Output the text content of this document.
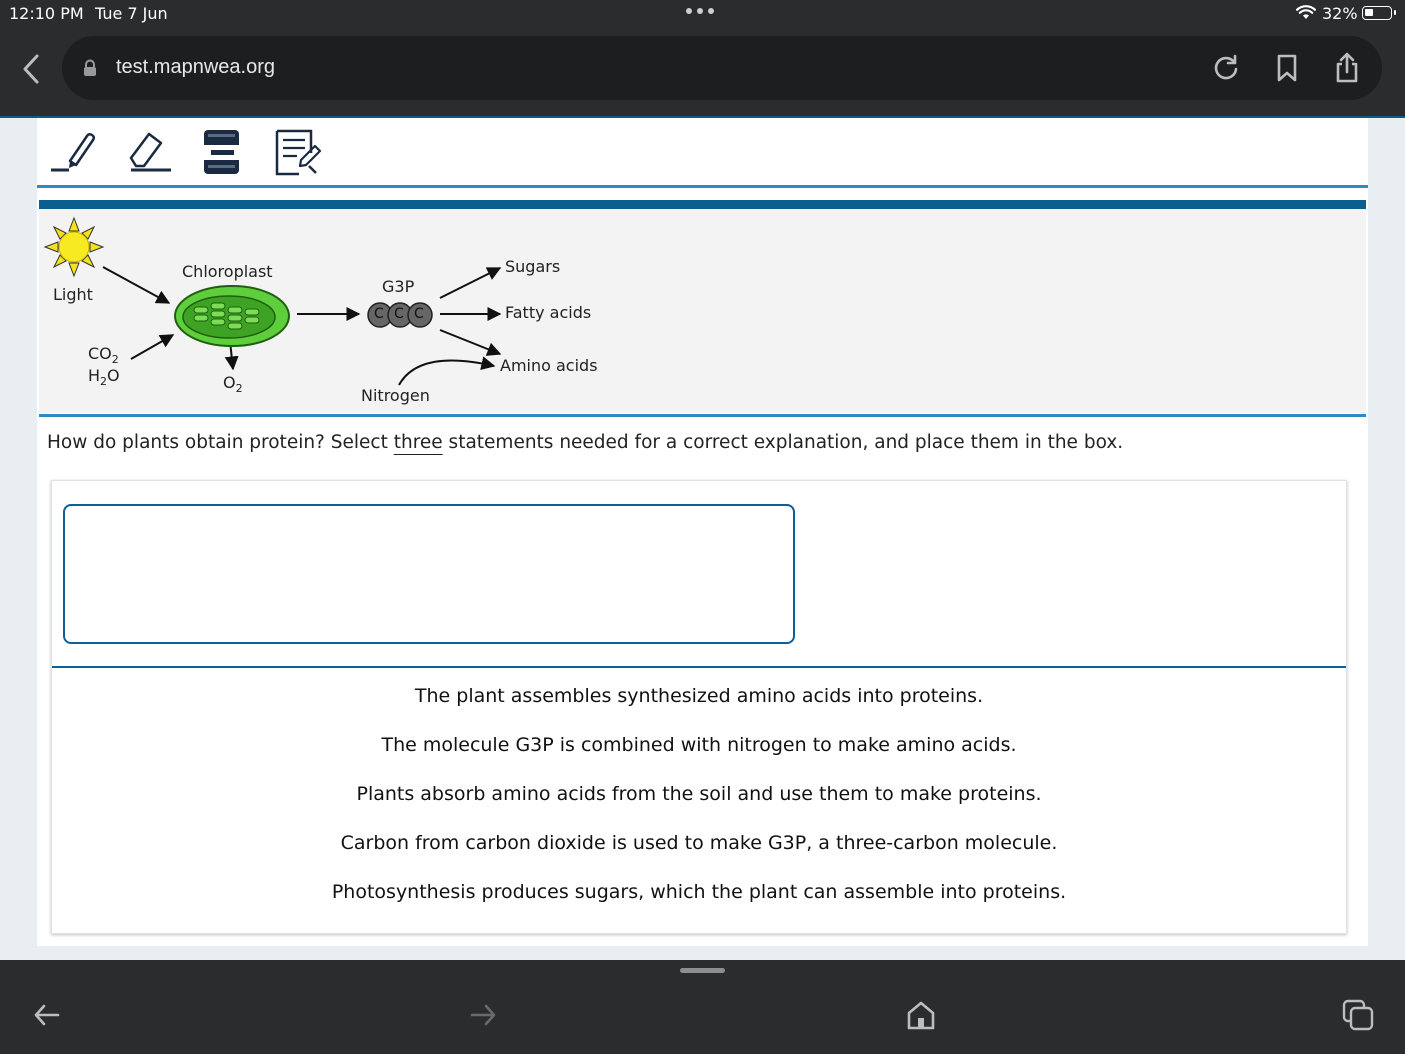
12:10 PM Tue 7 Jun	32%
test.mapnwea.org
Light
Chloroplast
$CO_2$
$H_2O$	$O_2$
G3P
C C C
Sugars
Fatty acids
Amino acids
Nitrogen
How do plants obtain protein? Select three statements needed for a correct explanation, and place them in the box.
The plant assembles synthesized amino acids into proteins.
The molecule G3P is combined with nitrogen to make amino acids.
Plants absorb amino acids from the soil and use them to make proteins.
Carbon from carbon dioxide is used to make G3P, a three-carbon molecule.
Photosynthesis produces sugars, which the plant can assemble into proteins.
